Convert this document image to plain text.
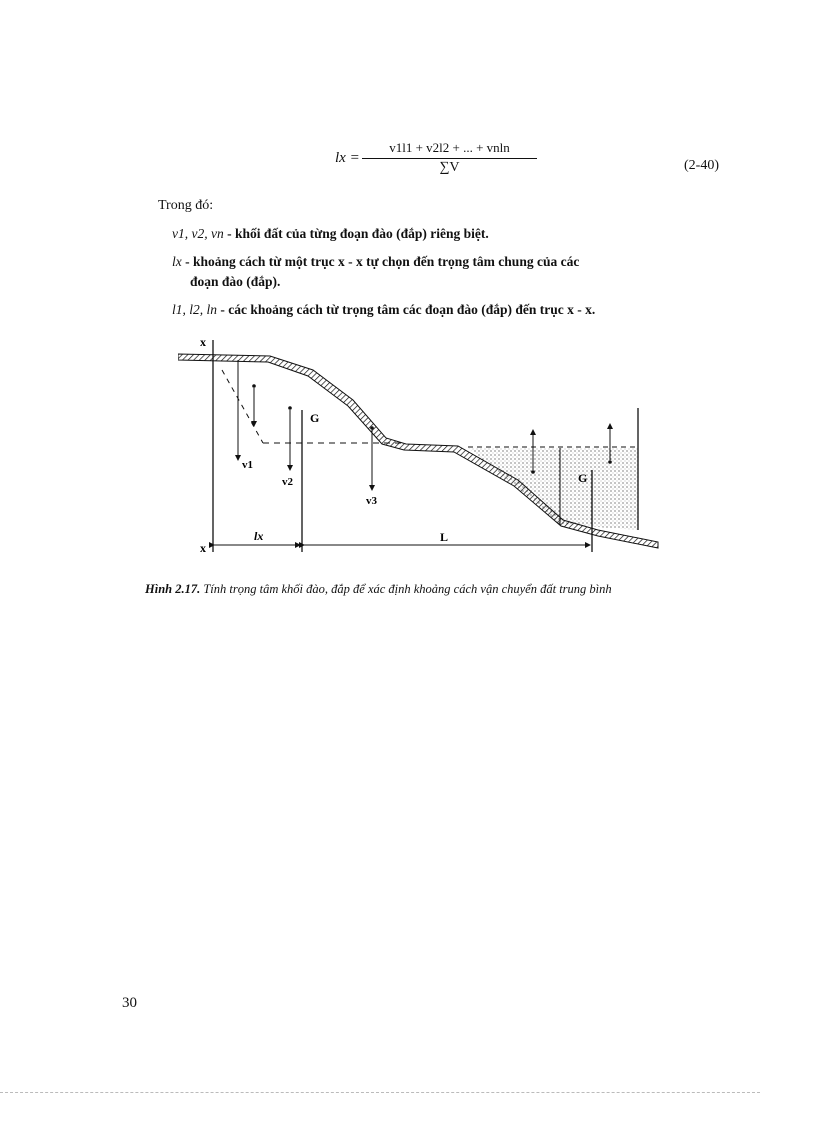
lx =
v1l1 + v2l2 + ... + vnln
∑V	(2-40)
Trong đó:
v1, v2, vn - khối đất của từng đoạn đào (đắp) riêng biệt.
lx - khoảng cách từ một trục x - x tự chọn đến trọng tâm chung của các
đoạn đào (đắp).
l1, l2, ln - các khoảng cách từ trọng tâm các đoạn đào (đắp) đến trục x - x.
x
x
G
G
v1
v2
v3
lx	L
Hình 2.17. Tính trọng tâm khối đào, đắp để xác định khoảng cách vận chuyển đất trung bình
30
